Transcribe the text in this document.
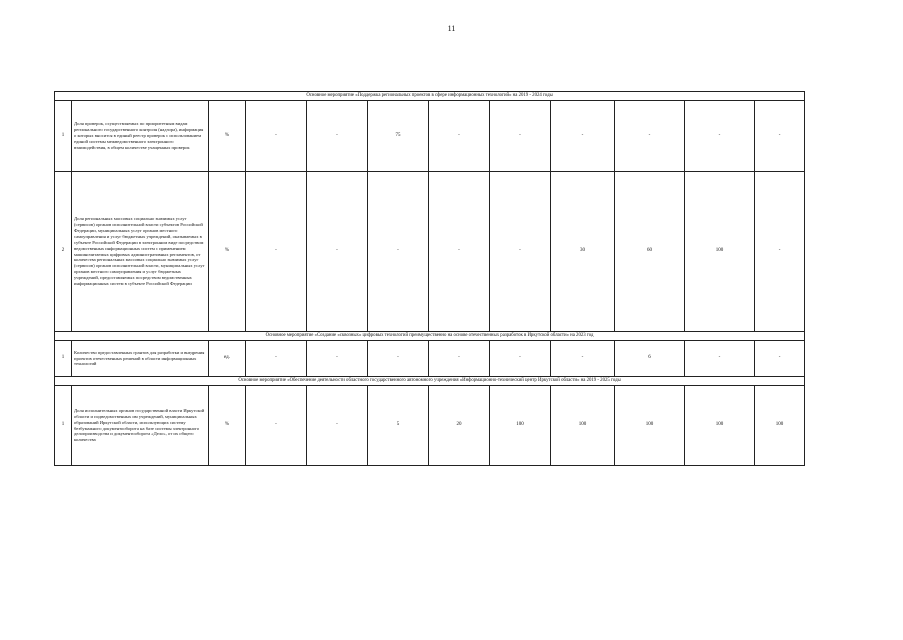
11
Основное мероприятие «Поддержка региональных проектов в сфере информационных технологий» на 2019 - 2024 годы											
1	Доля проверок, осуществляемых по приоритетным видам регионального государственного контроля (надзора), информация о которых вносится в единый реестр проверок с использованием единой системы межведомственного электронного взаимодействия, в общем количестве учащенных проверок	%	-	-	75	-	-	-	-	-	-
2	Доля региональных массовых социально значимых услуг (сервисов) органов исполнительной власти субъектов Российской Федерации, муниципальных услуг органов местного самоуправления и услуг бюджетных учреждений, оказываемых в субъекте Российской Федерации в электронном виде посредством ведомственных информационных систем с применением машиночитаемых цифровых административных регламентов, от количества региональных массовых социально значимых услуг (сервисов) органов исполнительной власти, муниципальных услуг органов местного самоуправления и услуг бюджетных учреждений, предоставляемых посредством ведомственных информационных систем в субъекте Российской Федерации	%	-	-	-	-	-	30	60	100	-
Основное мероприятие «Создание «сквозных» цифровых технологий преимущественно на основе отечественных разработок в Иркутской области» на 2023 год											
1	Количество предоставленных грантов для разработки и внедрения проектов отечественных решений в области информационных технологий	ед.	-	-	-	-	-	-	6	-	-
Основное мероприятие «Обеспечение деятельности областного государственного автономного учреждения «Информационно-технический центр Иркутской области» на 2019 - 2025 годы											
1	Доля исполнительных органов государственной власти Иркутской области и подведомственных им учреждений, муниципальных образований Иркутской области, использующих систему безбумажного документооборота на базе системы электронного делопроизводства и документооборота «Дело», от их общего количества	%	-	-	5	20	100	100	100	100	100
